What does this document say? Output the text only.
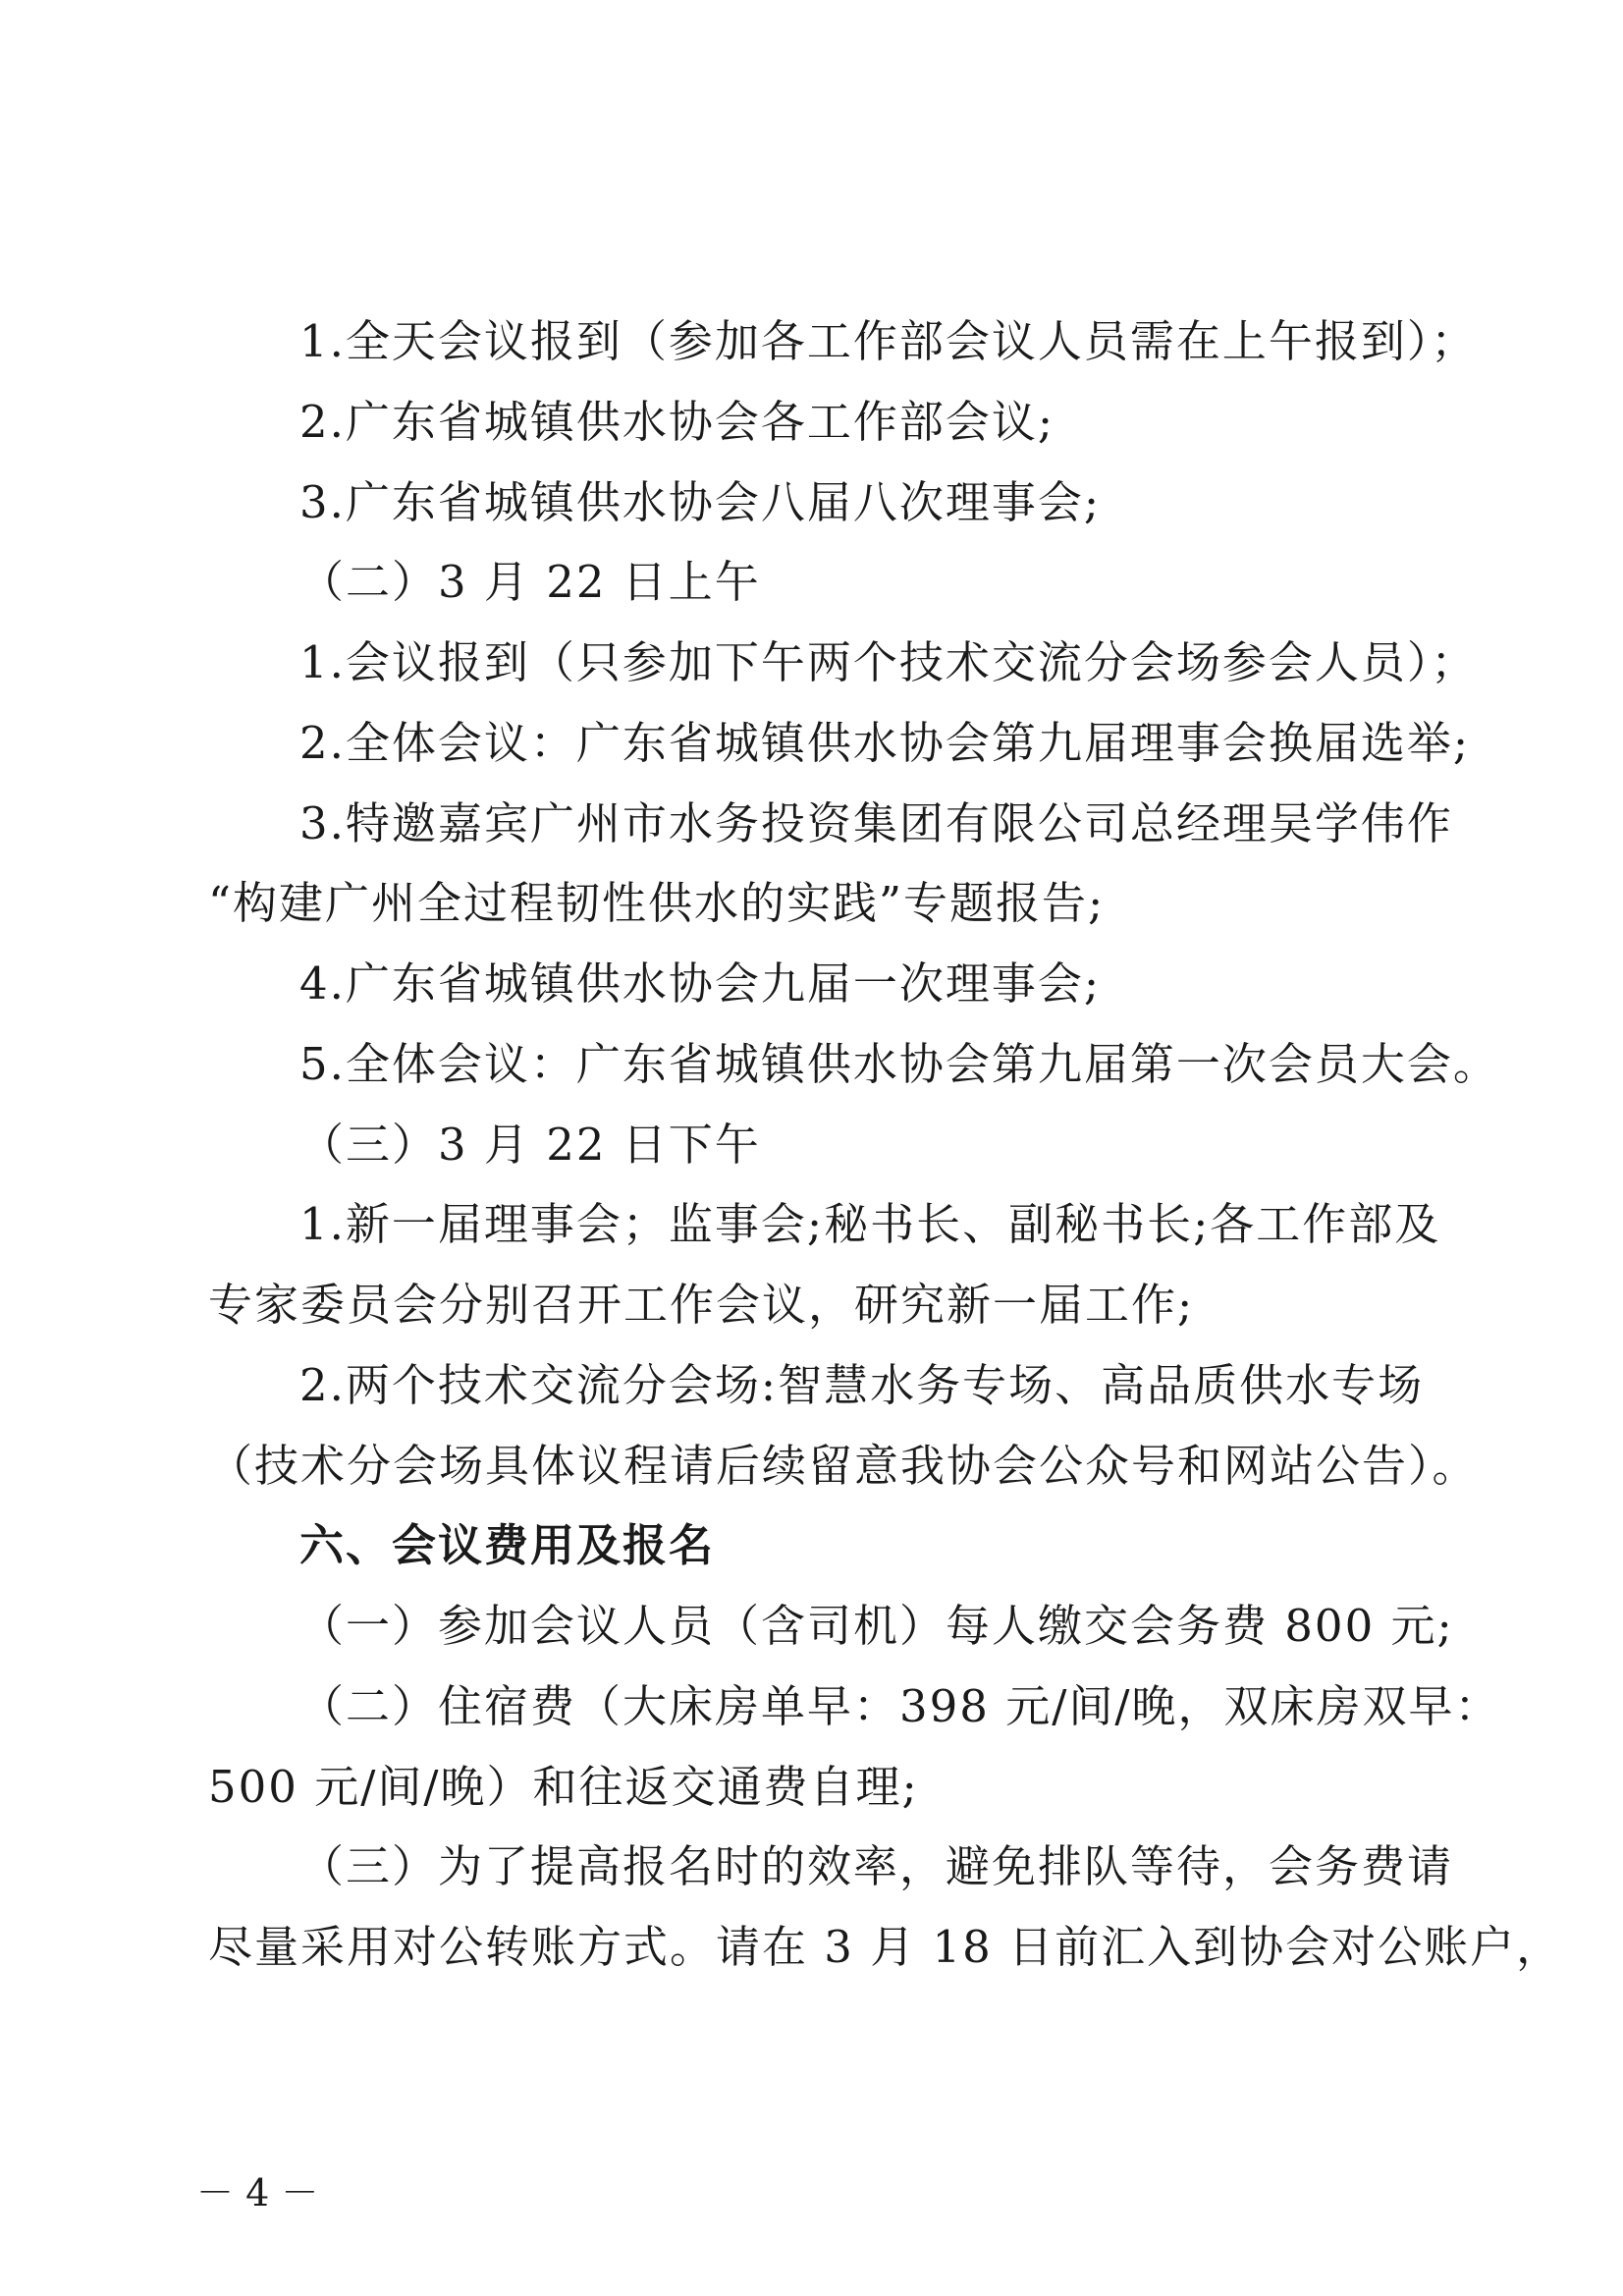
1.全天会议报到（参加各工作部会议人员需在上午报到）；
2.广东省城镇供水协会各工作部会议;
3.广东省城镇供水协会八届八次理事会;
（二）3 月 22 日上午
1.会议报到（只参加下午两个技术交流分会场参会人员）；
2.全体会议：广东省城镇供水协会第九届理事会换届选举;
3.特邀嘉宾广州市水务投资集团有限公司总经理吴学伟作
“构建广州全过程韧性供水的实践”专题报告;
4.广东省城镇供水协会九届一次理事会;
5.全体会议：广东省城镇供水协会第九届第一次会员大会。
（三）3 月 22 日下午
1.新一届理事会；监事会;秘书长、副秘书长;各工作部及
专家委员会分别召开工作会议，研究新一届工作;
2.两个技术交流分会场:智慧水务专场、高品质供水专场
（技术分会场具体议程请后续留意我协会公众号和网站公告）。
六、会议费用及报名
（一）参加会议人员（含司机）每人缴交会务费 800 元;
（二）住宿费（大床房单早：398 元/间/晚，双床房双早：
500 元/间/晚）和往返交通费自理;
（三）为了提高报名时的效率，避免排队等待，会务费请
尽量采用对公转账方式。请在 3 月 18 日前汇入到协会对公账户，
－ 4 －
